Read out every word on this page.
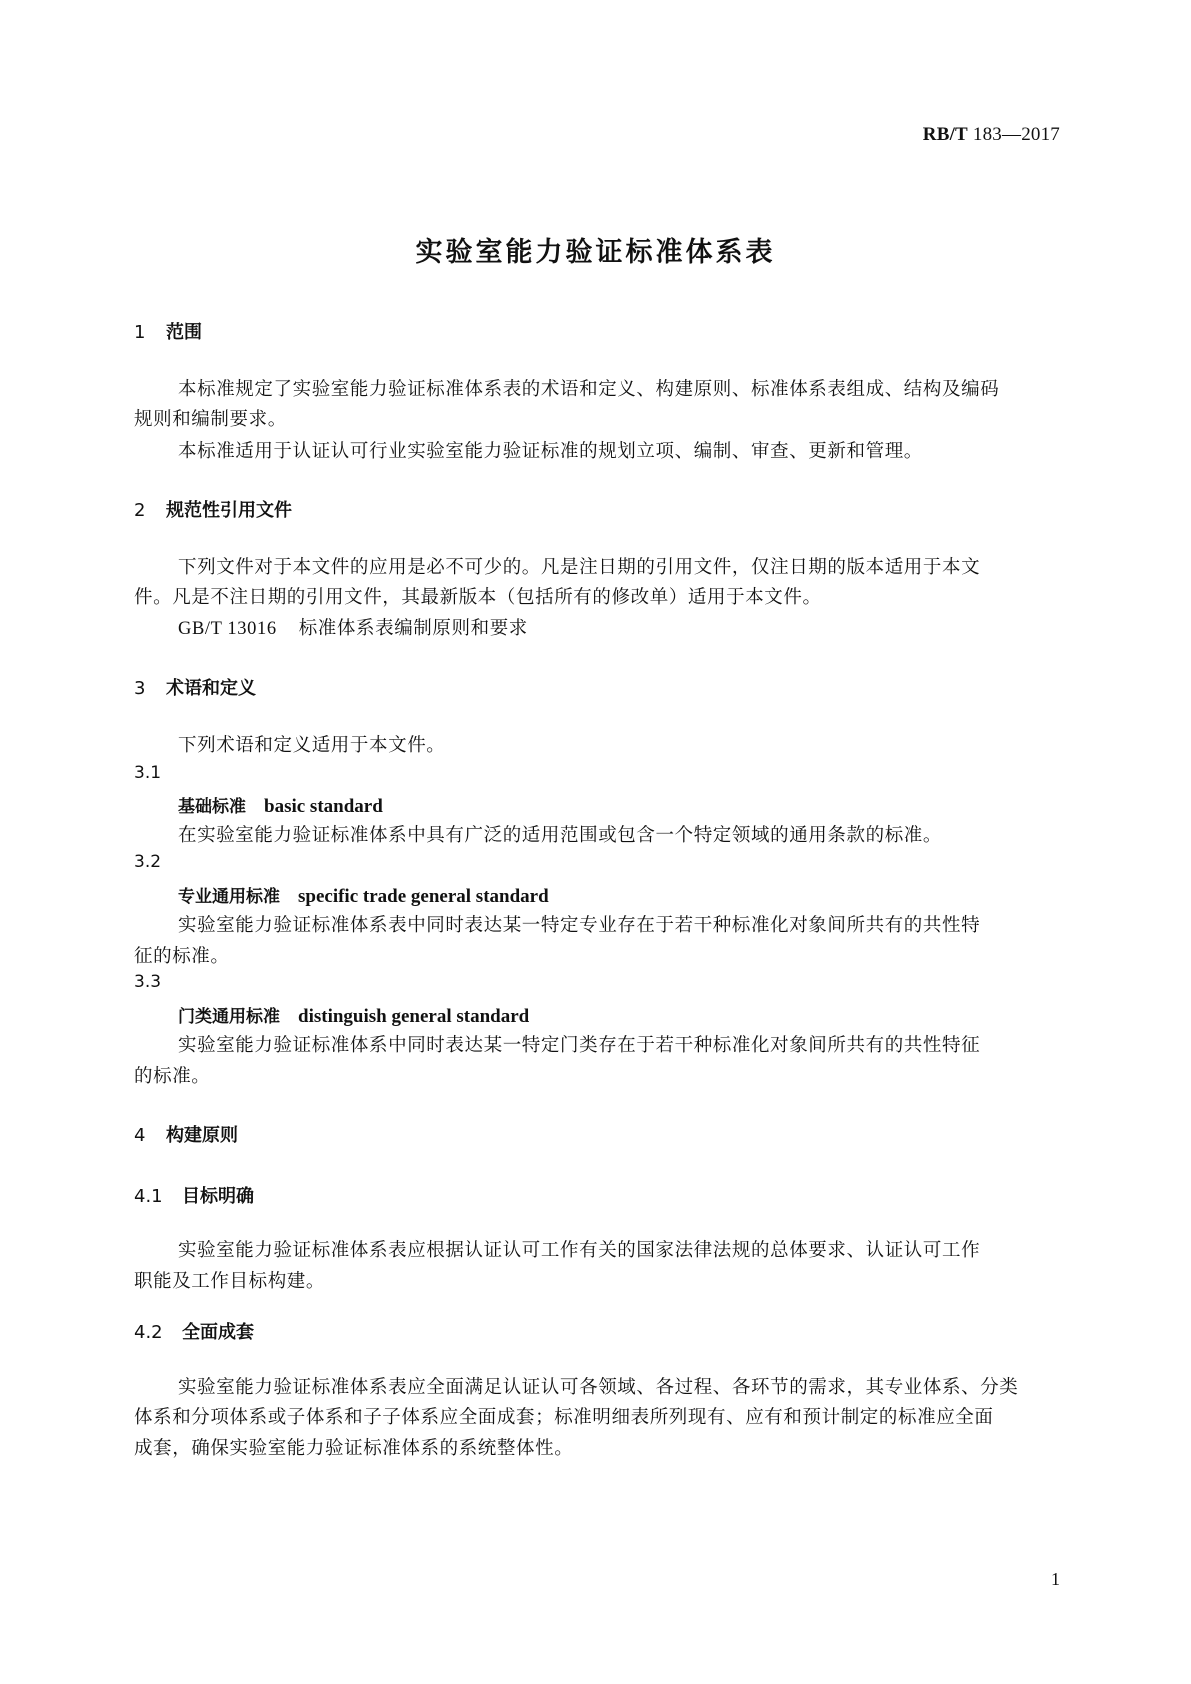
RB/T 183—2017
实验室能力验证标准体系表
1 范围
本标准规定了实验室能力验证标准体系表的术语和定义、构建原则、标准体系表组成、结构及编码
规则和编制要求。
本标准适用于认证认可行业实验室能力验证标准的规划立项、编制、审查、更新和管理。
2 规范性引用文件
下列文件对于本文件的应用是必不可少的。凡是注日期的引用文件，仅注日期的版本适用于本文
件。凡是不注日期的引用文件，其最新版本（包括所有的修改单）适用于本文件。
GB/T 13016 标准体系表编制原则和要求
3 术语和定义
下列术语和定义适用于本文件。
3.1
基础标准 basic standard
在实验室能力验证标准体系中具有广泛的适用范围或包含一个特定领域的通用条款的标准。
3.2
专业通用标准 specific trade general standard
实验室能力验证标准体系表中同时表达某一特定专业存在于若干种标准化对象间所共有的共性特
征的标准。
3.3
门类通用标准 distinguish general standard
实验室能力验证标准体系中同时表达某一特定门类存在于若干种标准化对象间所共有的共性特征
的标准。
4 构建原则
4.1 目标明确
实验室能力验证标准体系表应根据认证认可工作有关的国家法律法规的总体要求、认证认可工作
职能及工作目标构建。
4.2 全面成套
实验室能力验证标准体系表应全面满足认证认可各领域、各过程、各环节的需求，其专业体系、分类
体系和分项体系或子体系和子子体系应全面成套；标准明细表所列现有、应有和预计制定的标准应全面
成套，确保实验室能力验证标准体系的系统整体性。
1
